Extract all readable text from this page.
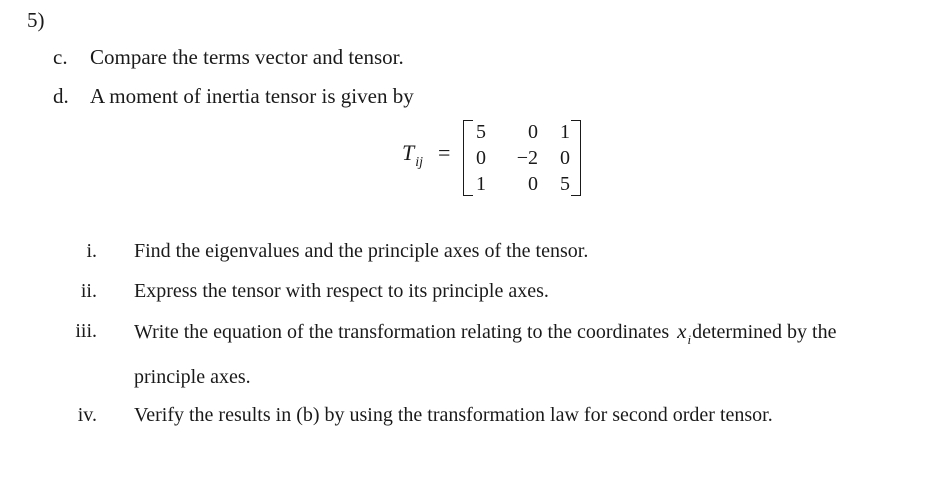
5)
c. Compare the terms vector and tensor.
d. A moment of inertia tensor is given by
$T_{ij}$ =
5	0	1
0	−2	0
1	0	5
i. Find the eigenvalues and the principle axes of the tensor.
ii. Express the tensor with respect to its principle axes.
iii. Write the equation of the transformation relating to the coordinates $x_idetermined$ by the
principle axes.
iv. Verify the results in (b) by using the transformation law for second order tensor.
